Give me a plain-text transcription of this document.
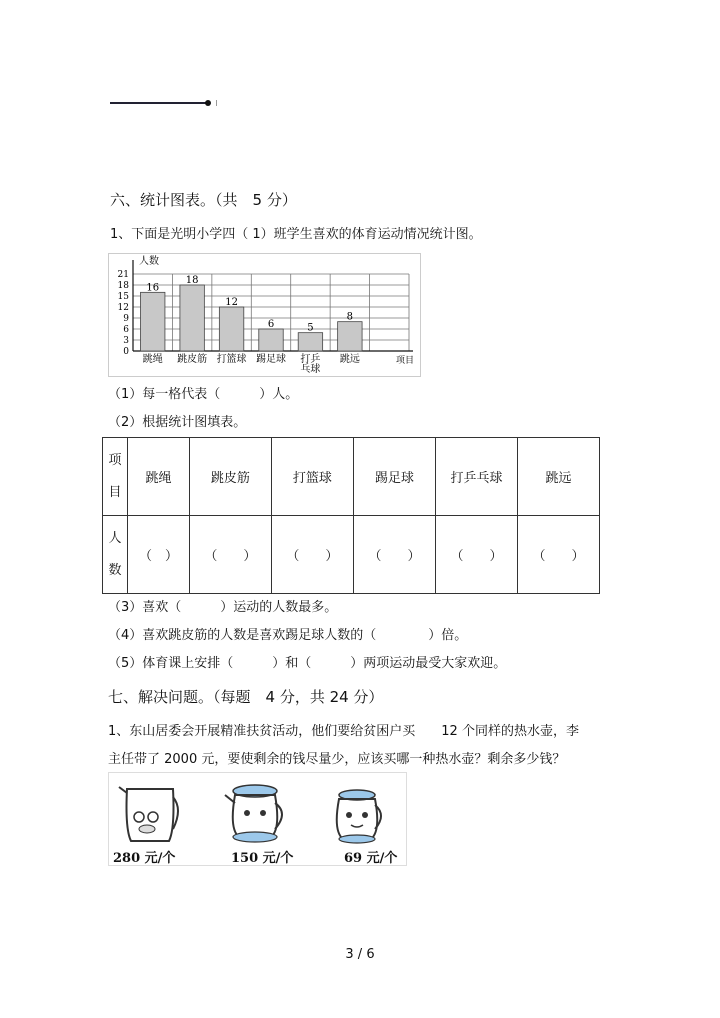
六、统计图表。（共　5 分）
1、下面是光明小学四（ 1）班学生喜欢的体育运动情况统计图。
0
3
6
9
12
15
18
21
人数
项目
16
跳绳
18
跳皮筋
12
打篮球
6
踢足球
5
打乒
乓球
8
跳远
（1）每一格代表（　　　）人。
（2）根据统计图填表。
项
目	跳绳	跳皮筋	打篮球	踢足球	打乒乓球	跳远
人
数	（　）	（　　）	（　　）	（　　）	（　　）	（　　）
（3）喜欢（　　　）运动的人数最多。
（4）喜欢跳皮筋的人数是喜欢踢足球人数的（　　　　）倍。
（5）体育课上安排（　　　）和（　　　）两项运动最受大家欢迎。
七、解决问题。（每题　4 分，共 24 分）
1、东山居委会开展精准扶贫活动，他们要给贫困户买　　12 个同样的热水壶，李
主任带了 2000 元，要使剩余的钱尽量少，应该买哪一种热水壶？剩余多少钱？
280 元/个	150 元/个	69 元/个
3 / 6
